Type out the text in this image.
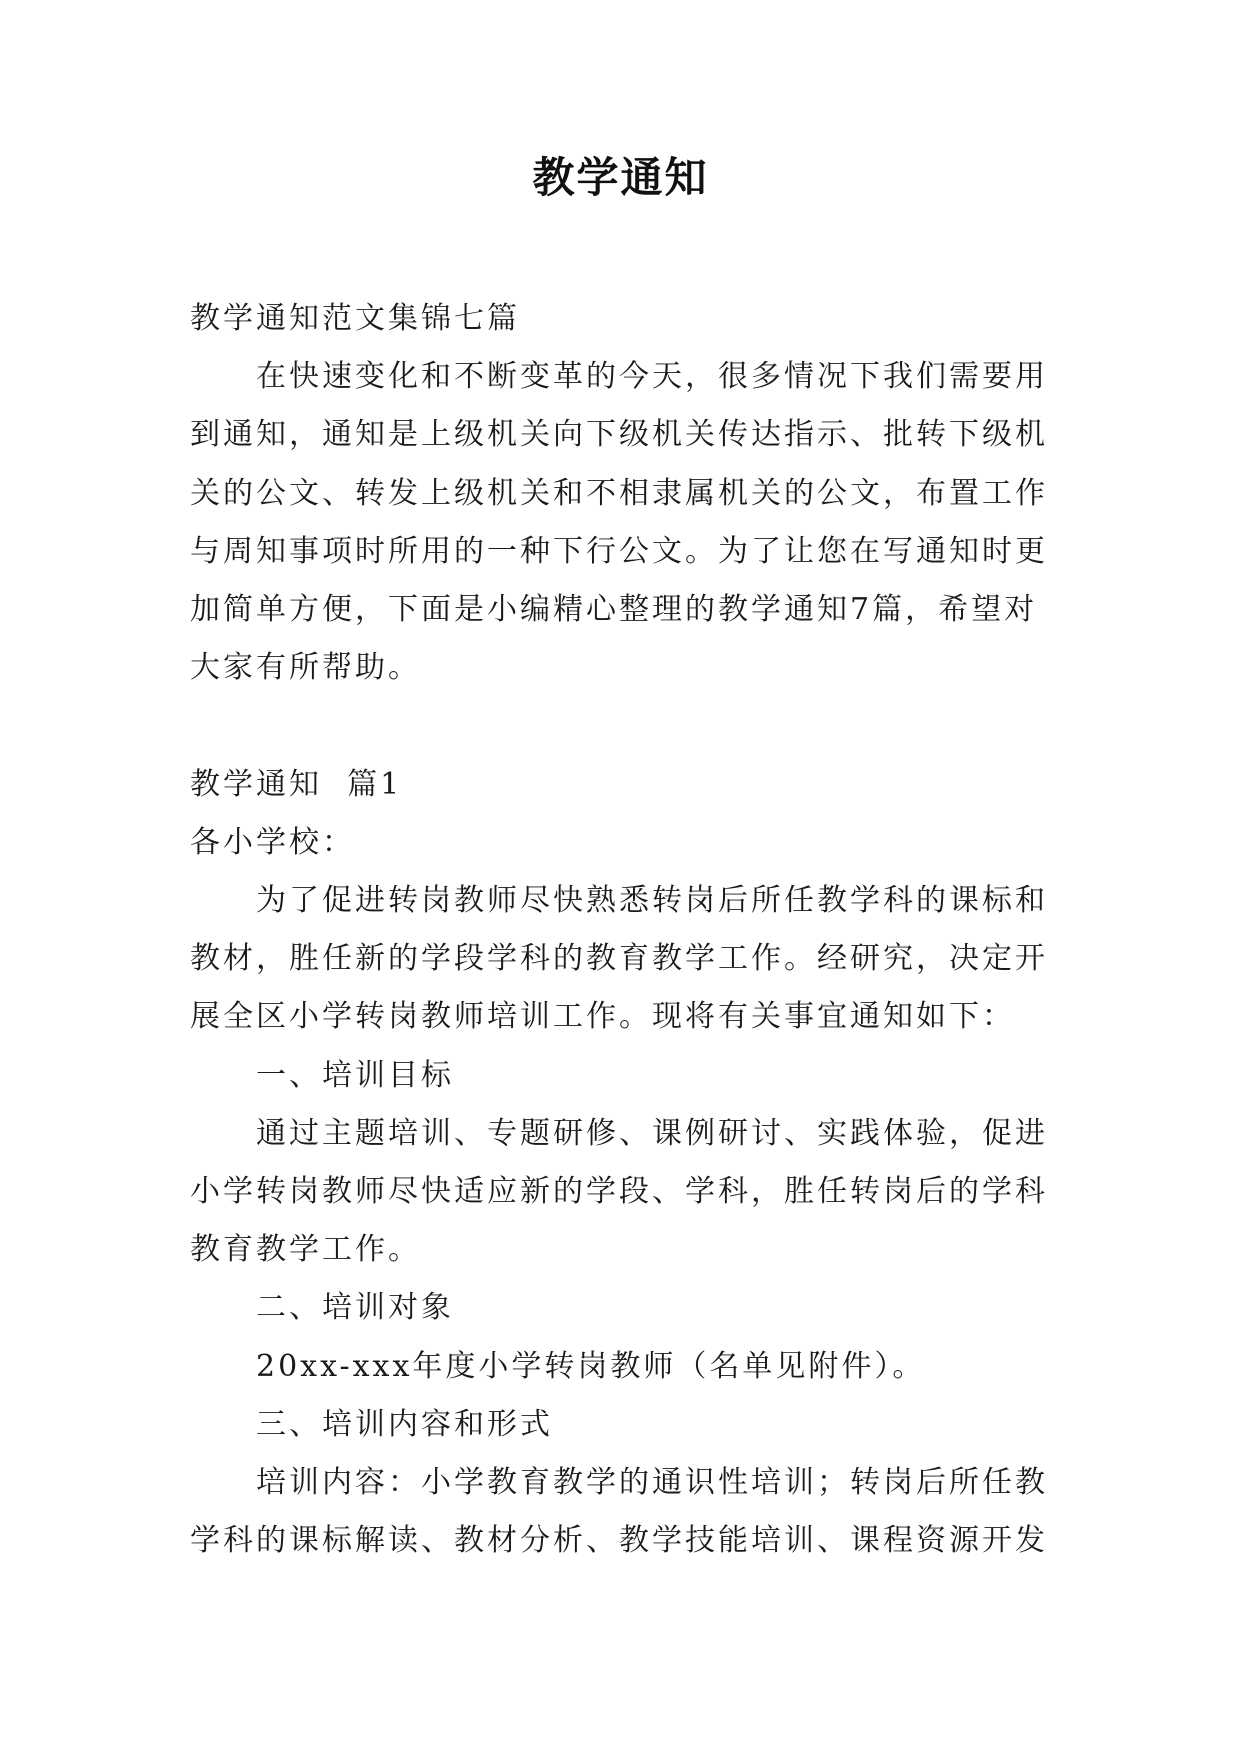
教学通知

教学通知范文集锦七篇

在快速变化和不断变革的今天，很多情况下我们需要用到通知，通知是上级机关向下级机关传达指示、批转下级机关的公文、转发上级机关和不相隶属机关的公文，布置工作与周知事项时所用的一种下行公文。为了让您在写通知时更加简单方便，下面是小编精心整理的教学通知7篇，希望对大家有所帮助。

教学通知  篇1

各小学校：

为了促进转岗教师尽快熟悉转岗后所任教学科的课标和教材，胜任新的学段学科的教育教学工作。经研究，决定开展全区小学转岗教师培训工作。现将有关事宜通知如下：

一、培训目标

通过主题培训、专题研修、课例研讨、实践体验，促进小学转岗教师尽快适应新的学段、学科，胜任转岗后的学科教育教学工作。

二、培训对象

20xx-xxx年度小学转岗教师（名单见附件）。

三、培训内容和形式

培训内容：小学教育教学的通识性培训；转岗后所任教学科的课标解读、教材分析、教学技能培训、课程资源开发
